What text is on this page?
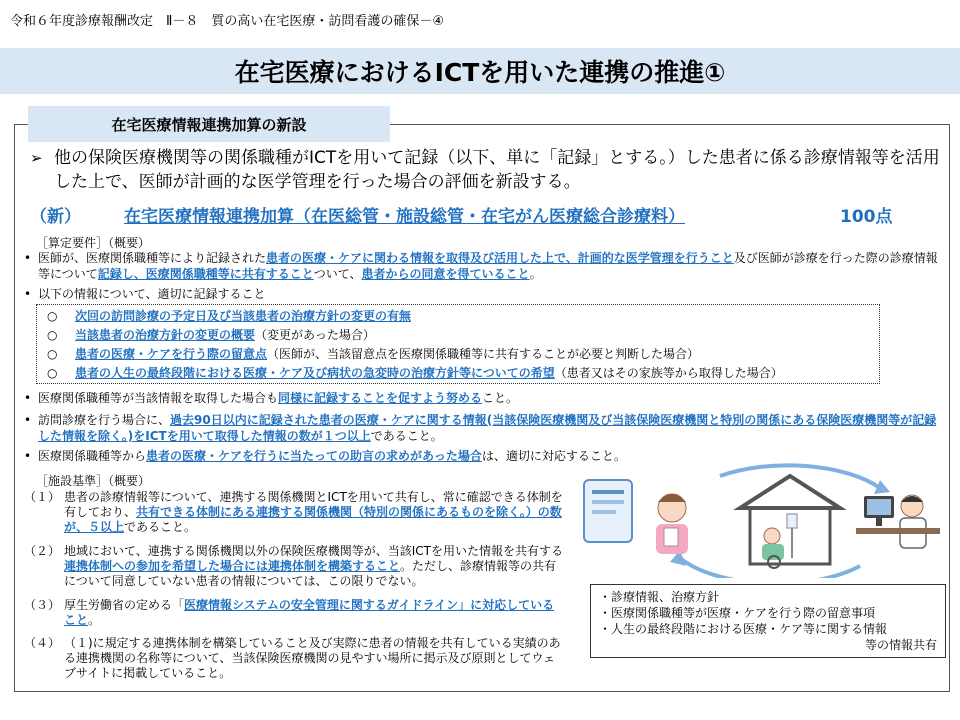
令和６年度診療報酬改定　Ⅱ－８　質の高い在宅医療・訪問看護の確保－④
在宅医療におけるICTを用いた連携の推進①
在宅医療情報連携加算の新設
➢ 他の保険医療機関等の関係職種がICTを用いて記録（以下、単に「記録」とする。）した患者に係る診療情報等を活用した上で、医師が計画的な医学管理を行った場合の評価を新設する。
（新）	在宅医療情報連携加算（在医総管・施設総管・在宅がん医療総合診療料）	100点
［算定要件］（概要）
• 医師が、医療関係職種等により記録された患者の医療・ケアに関わる情報を取得及び活用した上で、計画的な医学管理を行うこと及び医師が診療を行った際の診療情報等について記録し、医療関係職種等に共有することついて、患者からの同意を得ていること。
• 以下の情報について、適切に記録すること
○ 次回の訪問診療の予定日及び当該患者の治療方針の変更の有無
○ 当該患者の治療方針の変更の概要（変更があった場合）
○ 患者の医療・ケアを行う際の留意点（医師が、当該留意点を医療関係職種等に共有することが必要と判断した場合）
○ 患者の人生の最終段階における医療・ケア及び病状の急変時の治療方針等についての希望（患者又はその家族等から取得した場合）
• 医療関係職種等が当該情報を取得した場合も同様に記録することを促すよう努めること。
• 訪問診療を行う場合に、過去90日以内に記録された患者の医療・ケアに関する情報(当該保険医療機関及び当該保険医療機関と特別の関係にある保険医療機関等が記録した情報を除く。)をICTを用いて取得した情報の数が１つ以上であること。
• 医療関係職種等から患者の医療・ケアを行うに当たっての助言の求めがあった場合は、適切に対応すること。
［施設基準］（概要）
（１） 患者の診療情報等について、連携する関係機関とICTを用いて共有し、常に確認できる体制を有しており、共有できる体制にある連携する関係機関（特別の関係にあるものを除く。）の数が、５以上であること。
（２） 地域において、連携する関係機関以外の保険医療機関等が、当該ICTを用いた情報を共有する連携体制への参加を希望した場合には連携体制を構築すること。ただし、診療情報等の共有について同意していない患者の情報については、この限りでない。
（３） 厚生労働省の定める「医療情報システムの安全管理に関するガイドライン」に対応していること。
（４） （１)に規定する連携体制を構築していること及び実際に患者の情報を共有している実績のある連携機関の名称等について、当該保険医療機関の見やすい場所に掲示及び原則としてウェブサイトに掲載していること。
・診療情報、治療方針
・医療関係職種等が医療・ケアを行う際の留意事項
・人生の最終段階における医療・ケア等に関する情報
等の情報共有
